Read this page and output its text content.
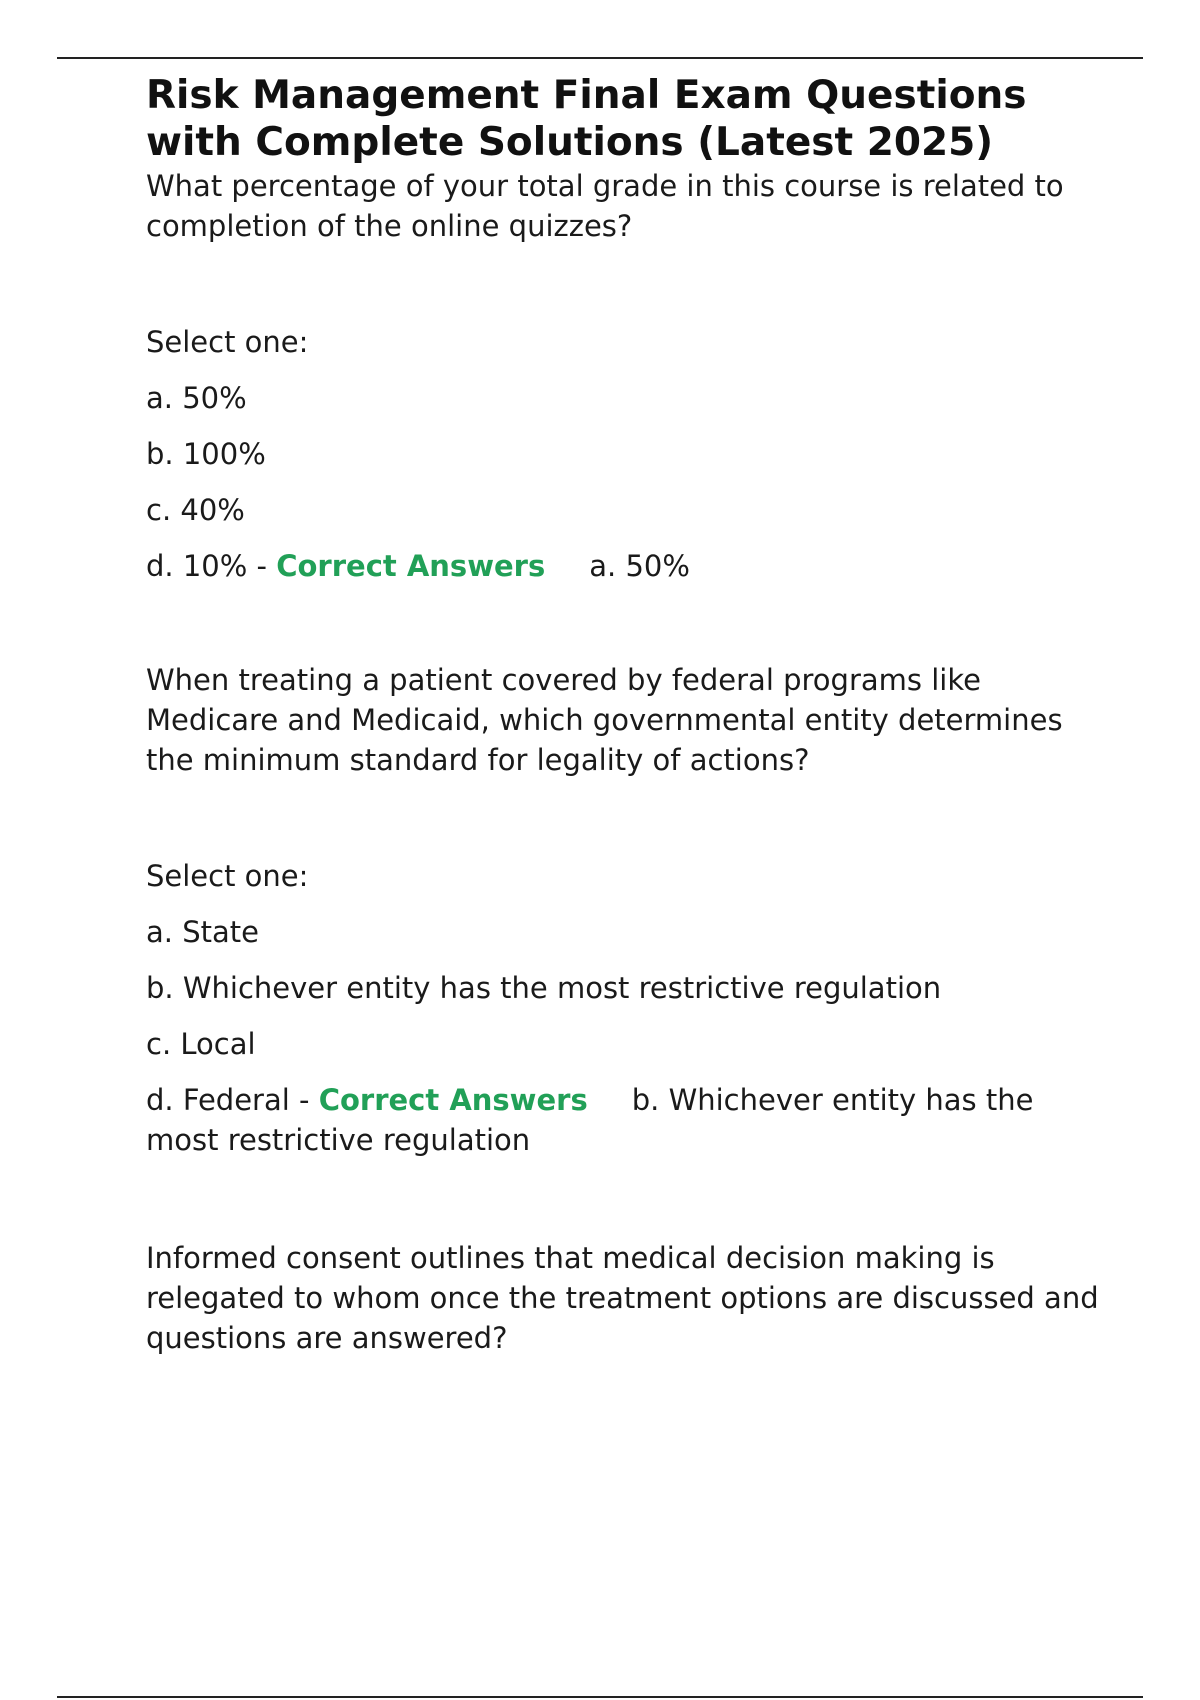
Risk Management Final Exam Questions with Complete Solutions (Latest 2025)

What percentage of your total grade in this course is related to completion of the online quizzes?

Select one:

a. 50%

b. 100%

c. 40%

d. 10% - Correct Answers a. 50%

When treating a patient covered by federal programs like Medicare and Medicaid, which governmental entity determines the minimum standard for legality of actions?

Select one:

a. State

b. Whichever entity has the most restrictive regulation

c. Local

d. Federal - Correct Answers b. Whichever entity has the most restrictive regulation

Informed consent outlines that medical decision making is relegated to whom once the treatment options are discussed and questions are answered?
